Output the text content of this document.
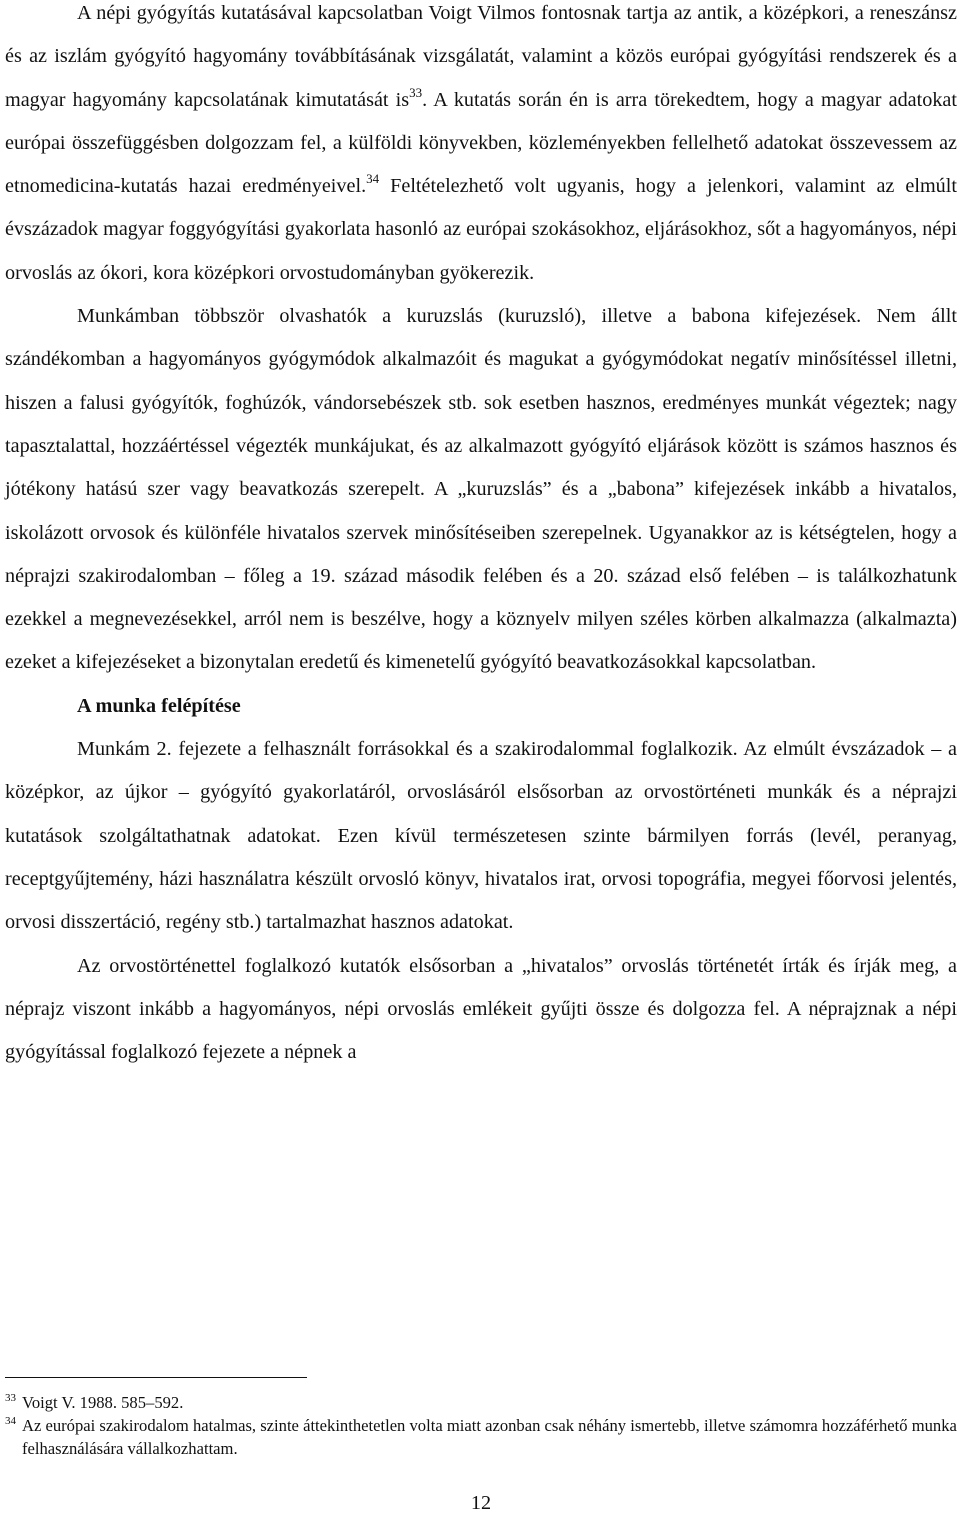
A népi gyógyítás kutatásával kapcsolatban Voigt Vilmos fontosnak tartja az antik, a középkori, a reneszánsz és az iszlám gyógyító hagyomány továbbításának vizsgálatát, valamint a közös európai gyógyítási rendszerek és a magyar hagyomány kapcsolatának kimutatását is$^{33}$. A kutatás során én is arra törekedtem, hogy a magyar adatokat európai összefüggésben dolgozzam fel, a külföldi könyvekben, közleményekben fellelhető adatokat összevessem az etnomedicina-kutatás hazai eredményeivel.$^{34}$ Feltételezhető volt ugyanis, hogy a jelenkori, valamint az elmúlt évszázadok magyar foggyógyítási gyakorlata hasonló az európai szokásokhoz, eljárásokhoz, sőt a hagyományos, népi orvoslás az ókori, kora középkori orvostudományban gyökerezik.

Munkámban többször olvashatók a kuruzslás (kuruzsló), illetve a babona kifejezések. Nem állt szándékomban a hagyományos gyógymódok alkalmazóit és magukat a gyógymódokat negatív minősítéssel illetni, hiszen a falusi gyógyítók, foghúzók, vándorsebészek stb. sok esetben hasznos, eredményes munkát végeztek; nagy tapasztalattal, hozzáértéssel végezték munkájukat, és az alkalmazott gyógyító eljárások között is számos hasznos és jótékony hatású szer vagy beavatkozás szerepelt. A „kuruzslás” és a „babona” kifejezések inkább a hivatalos, iskolázott orvosok és különféle hivatalos szervek minősítéseiben szerepelnek. Ugyanakkor az is kétségtelen, hogy a néprajzi szakirodalomban – főleg a 19. század második felében és a 20. század első felében – is találkozhatunk ezekkel a megnevezésekkel, arról nem is beszélve, hogy a köznyelv milyen széles körben alkalmazza (alkalmazta) ezeket a kifejezéseket a bizonytalan eredetű és kimenetelű gyógyító beavatkozásokkal kapcsolatban.

A munka felépítése

Munkám 2. fejezete a felhasznált forrásokkal és a szakirodalommal foglalkozik. Az elmúlt évszázadok – a középkor, az újkor – gyógyító gyakorlatáról, orvoslásáról elsősorban az orvostörténeti munkák és a néprajzi kutatások szolgáltathatnak adatokat. Ezen kívül természetesen szinte bármilyen forrás (levél, peranyag, receptgyűjtemény, házi használatra készült orvosló könyv, hivatalos irat, orvosi topográfia, megyei főorvosi jelentés, orvosi disszertáció, regény stb.) tartalmazhat hasznos adatokat.

Az orvostörténettel foglalkozó kutatók elsősorban a „hivatalos” orvoslás történetét írták és írják meg, a néprajz viszont inkább a hagyományos, népi orvoslás emlékeit gyűjti össze és dolgozza fel. A néprajznak a népi gyógyítással foglalkozó fejezete a népnek a

33 Voigt V. 1988. 585–592.

34 Az európai szakirodalom hatalmas, szinte áttekinthetetlen volta miatt azonban csak néhány ismertebb, illetve számomra hozzáférhető munka felhasználására vállalkozhattam.

12
